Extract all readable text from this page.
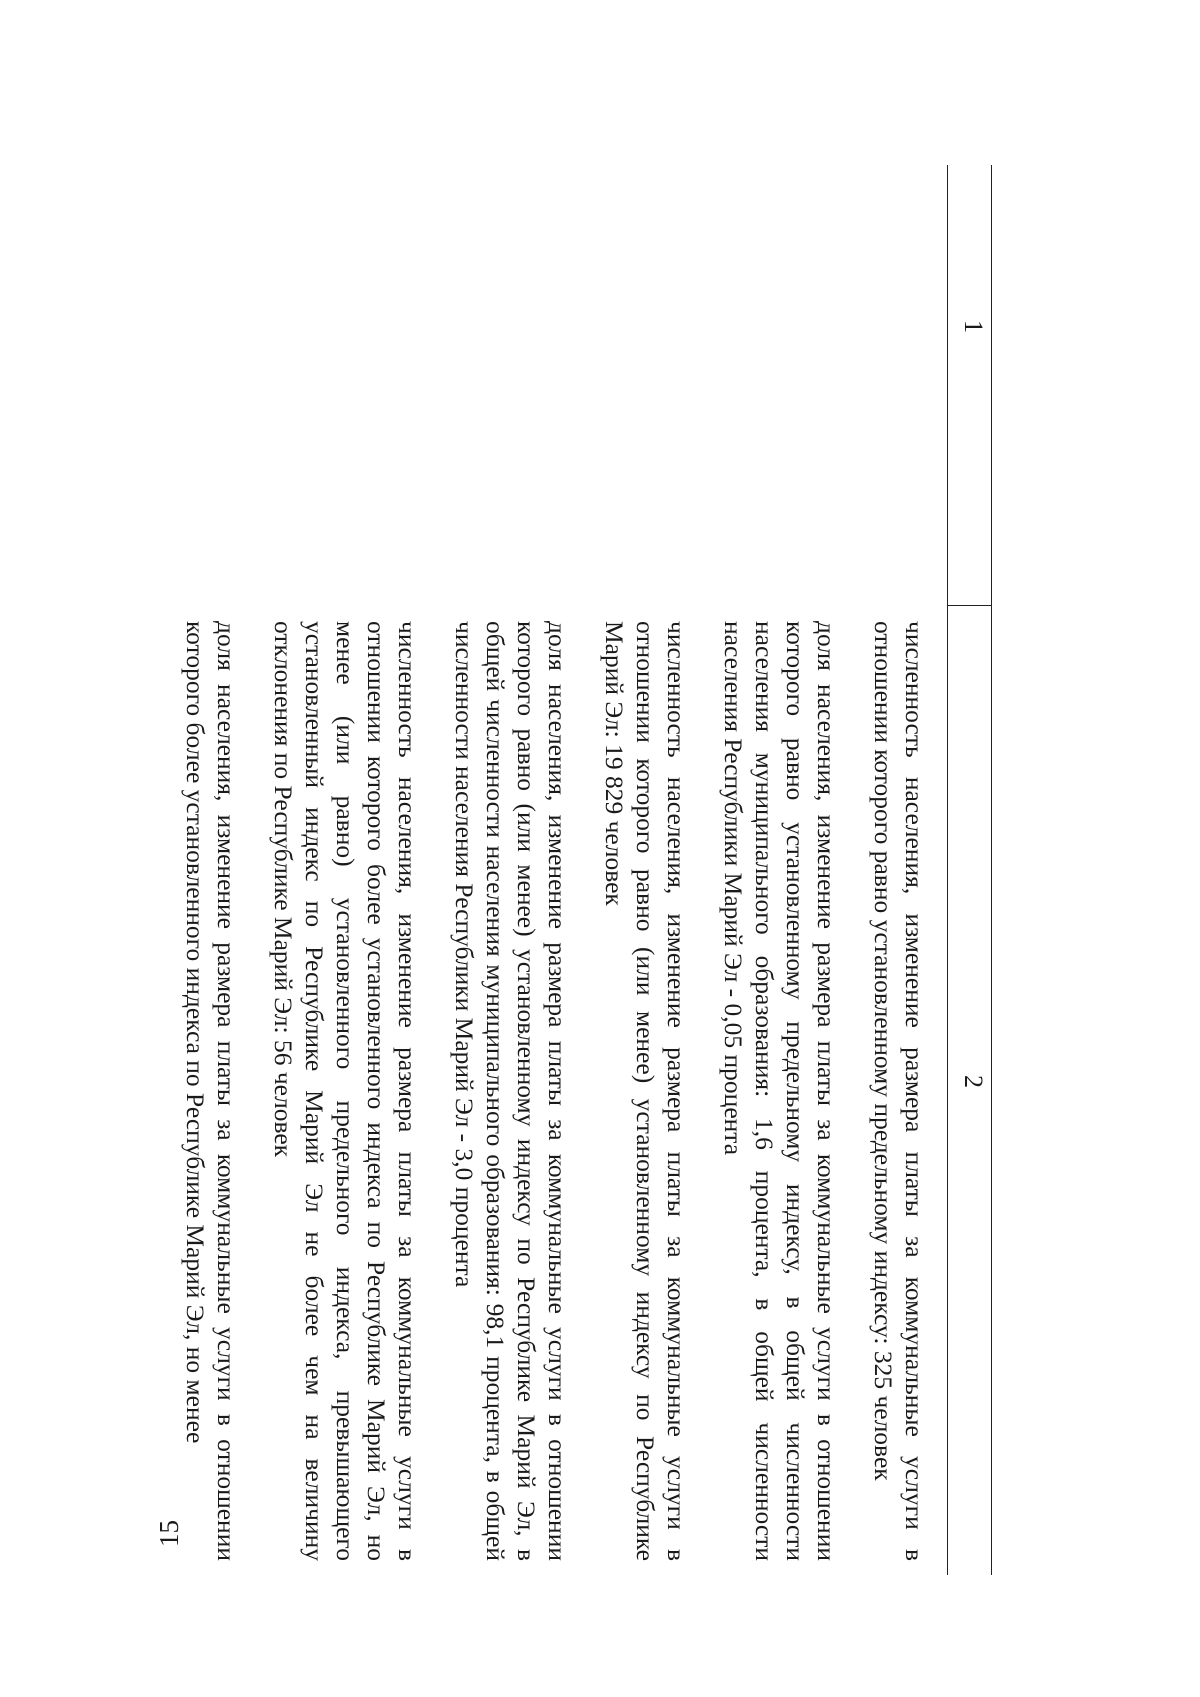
15
1
2

численность населения, изменение размера платы за коммунальные услуги в отношении которого равно установленному предельному индексу: 325 человек

доля населения, изменение размера платы за коммунальные услуги в отношении которого равно установленному предельному индексу, в общей численности населения муниципального образования: 1,6 процента, в общей численности населения Республики Марий Эл - 0,05 процента

численность населения, изменение размера платы за коммунальные услуги в отношении которого равно (или менее) установленному индексу по Республике Марий Эл: 19 829 человек

доля населения, изменение размера платы за коммунальные услуги в отношении которого равно (или менее) установленному индексу по Республике Марий Эл, в общей численности населения муниципального образования: 98,1 процента, в общей численности населения Республики Марий Эл - 3,0 процента

численность населения, изменение размера платы за коммунальные услуги в отношении которого более установленного индекса по Республике Марий Эл, но менее (или равно) установленного предельного индекса, превышающего установленный индекс по Республике Марий Эл не более чем на величину отклонения по Республике Марий Эл: 56 человек

доля населения, изменение размера платы за коммунальные услуги в отношении которого более установленного индекса по Республике Марий Эл, но менее
